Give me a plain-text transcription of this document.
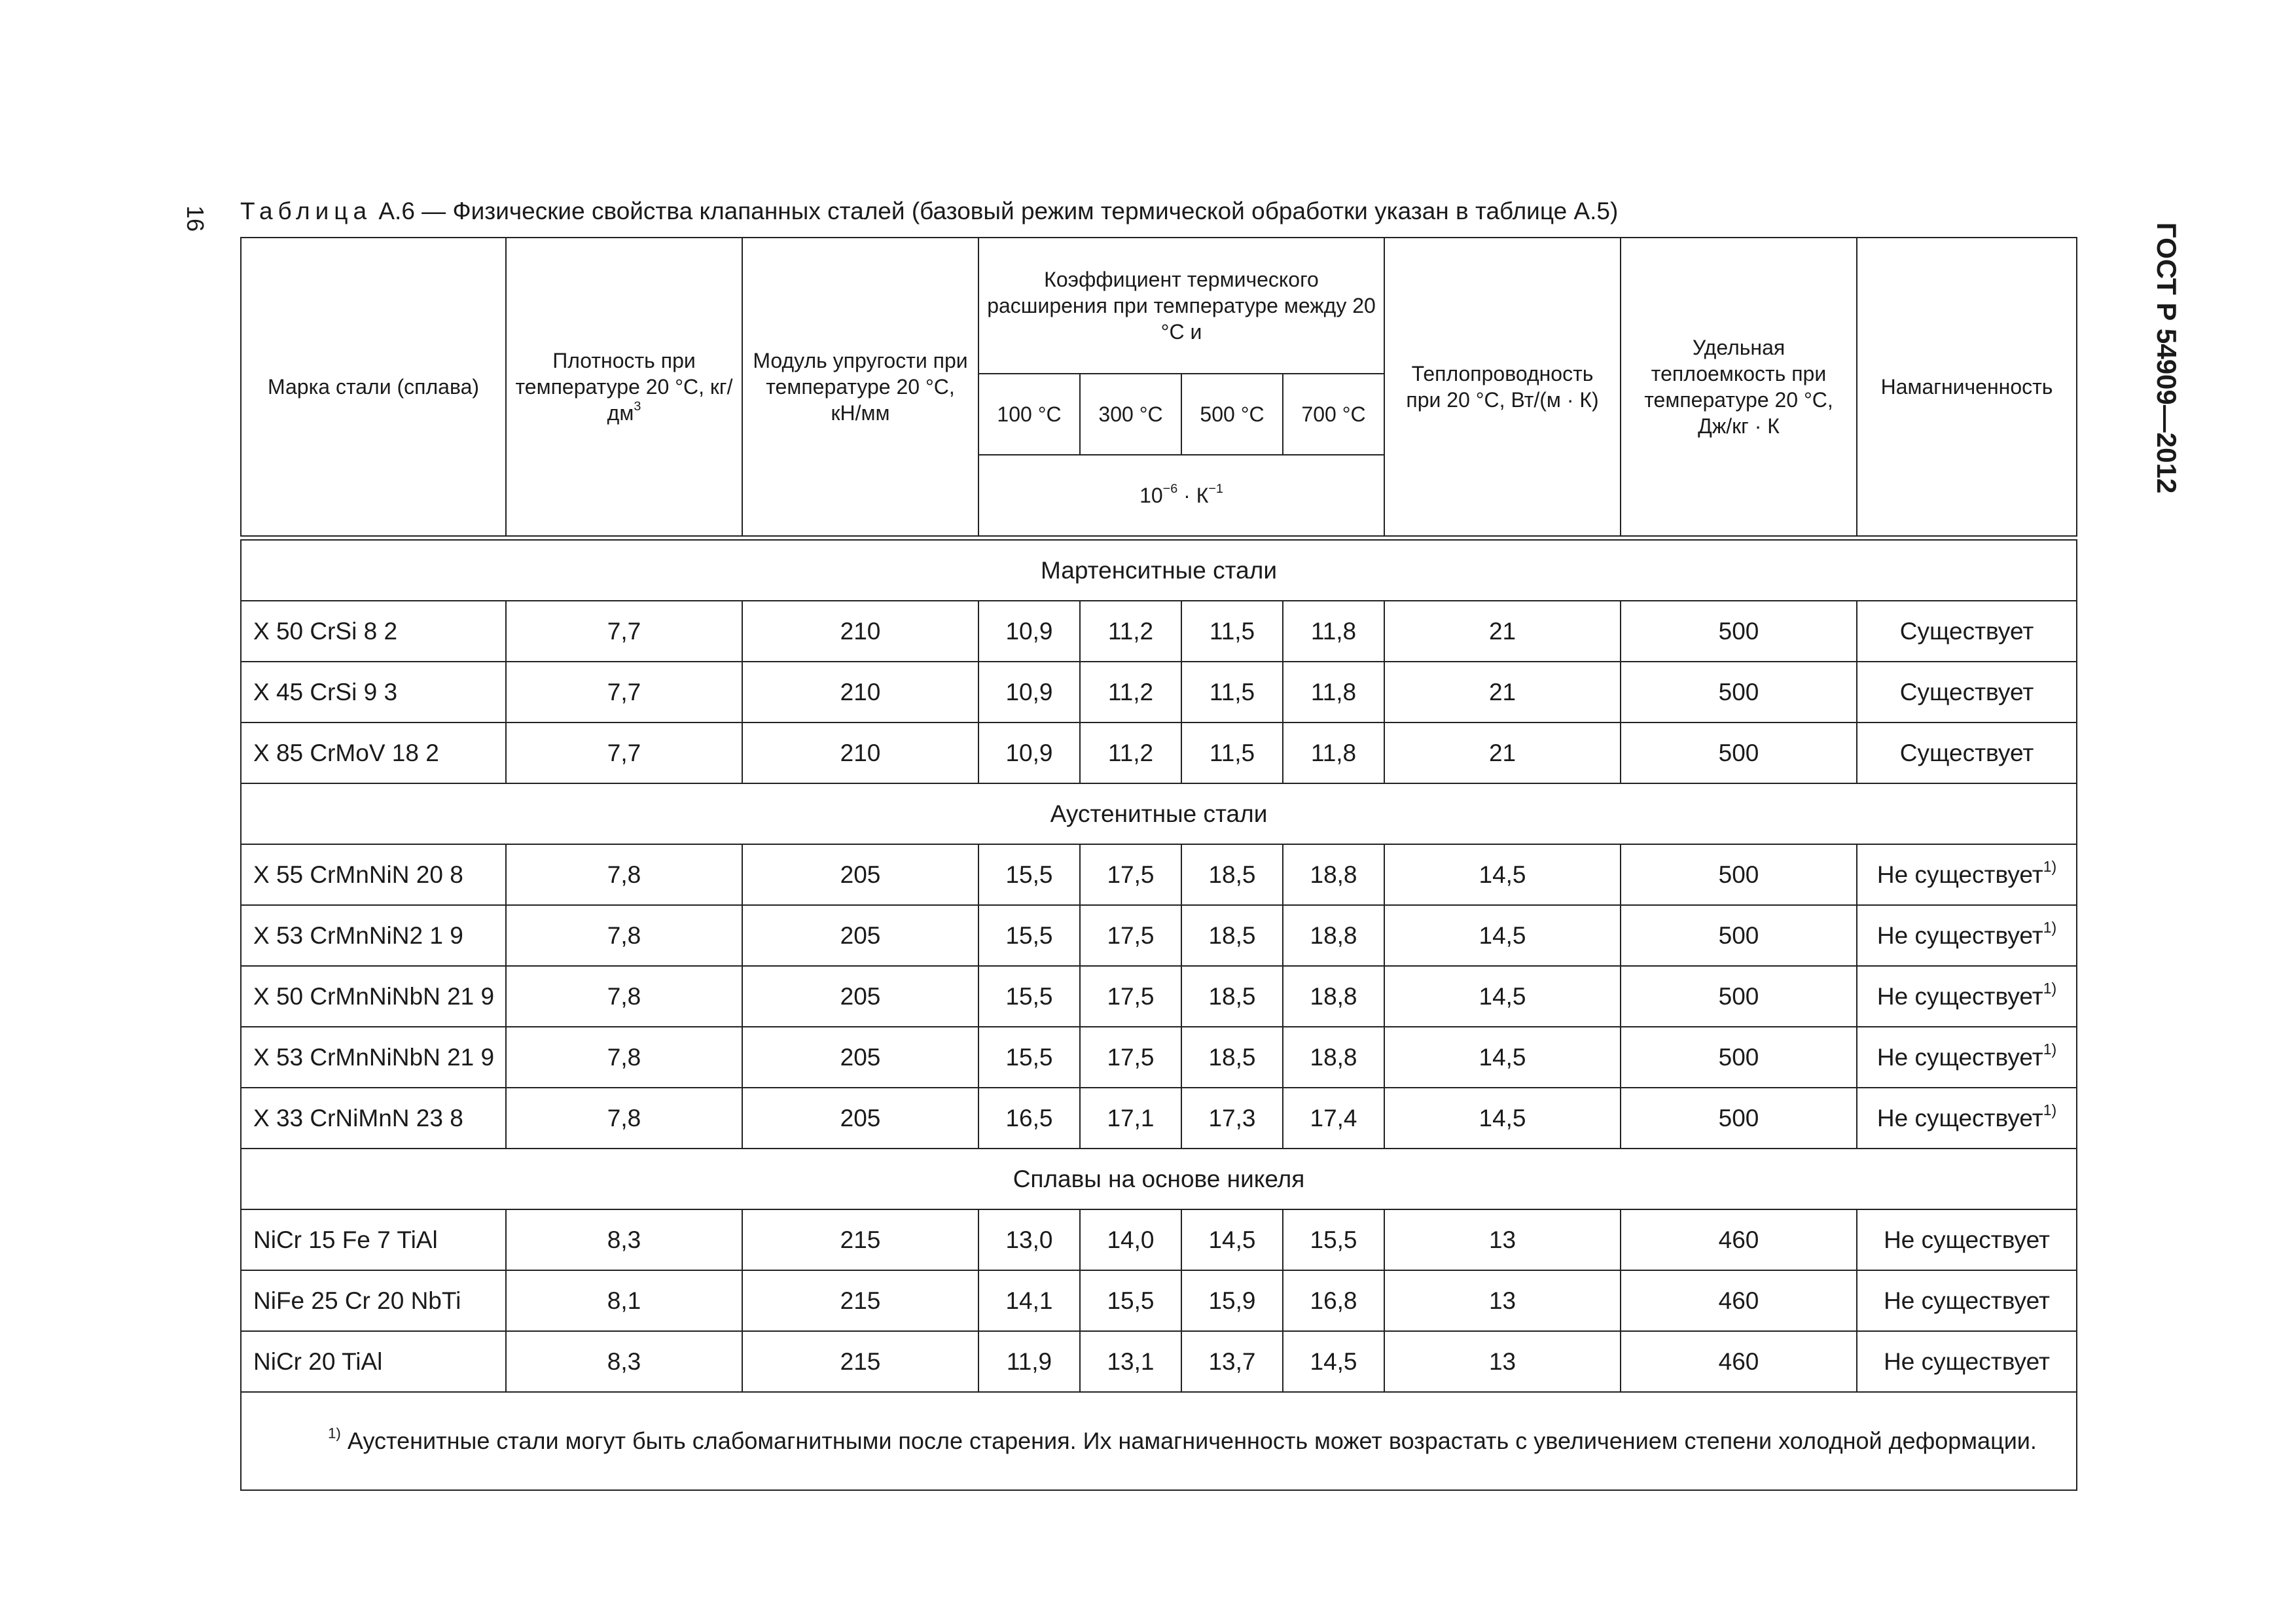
16
ГОСТ Р 54909—2012
Таблица А.6 — Физические свойства клапанных сталей (базовый режим термической обработки указан в таблице А.5)
Марка стали (сплава)	Плотность при температуре 20 °С, $кг/дм^3$	Модуль упругости при температуре 20 °С, кН/мм	Коэффициент термического расширения при температуре между 20 °С и				Теплопроводность при 20 °С, Вт/(м · К)	Удельная теплоемкость при температуре 20 °С, Дж/кг · К	Намагниченность
			100 °С	300 °С	500 °С	700 °С			
			$10^{-6} \cdot К^{-1}$

Мартенситные стали									
X 50 CrSi 8 2	7,7	210	10,9	11,2	11,5	11,8	21	500	Существует
X 45 CrSi 9 3	7,7	210	10,9	11,2	11,5	11,8	21	500	Существует
X 85 CrMoV 18 2	7,7	210	10,9	11,2	11,5	11,8	21	500	Существует
Аустенитные стали									
X 55 CrMnNiN 20 8	7,8	205	15,5	17,5	18,5	18,8	14,5	500	Не существует$^{1)}$
X 53 CrMnNiN2 1 9	7,8	205	15,5	17,5	18,5	18,8	14,5	500	Не существует$^{1)}$
X 50 CrMnNiNbN 21 9	7,8	205	15,5	17,5	18,5	18,8	14,5	500	Не существует$^{1)}$
X 53 CrMnNiNbN 21 9	7,8	205	15,5	17,5	18,5	18,8	14,5	500	Не существует$^{1)}$
X 33 CrNiMnN 23 8	7,8	205	16,5	17,1	17,3	17,4	14,5	500	Не существует$^{1)}$
Сплавы на основе никеля									
NiCr 15 Fe 7 TiAl	8,3	215	13,0	14,0	14,5	15,5	13	460	Не существует
NiFe 25 Cr 20 NbTi	8,1	215	14,1	15,5	15,9	16,8	13	460	Не существует
NiCr 20 TiAl	8,3	215	11,9	13,1	13,7	14,5	13	460	Не существует

$^{1)}$ Аустенитные стали могут быть слабомагнитными после старения. Их намагниченность может возрастать с увеличением степени холодной деформации.									
